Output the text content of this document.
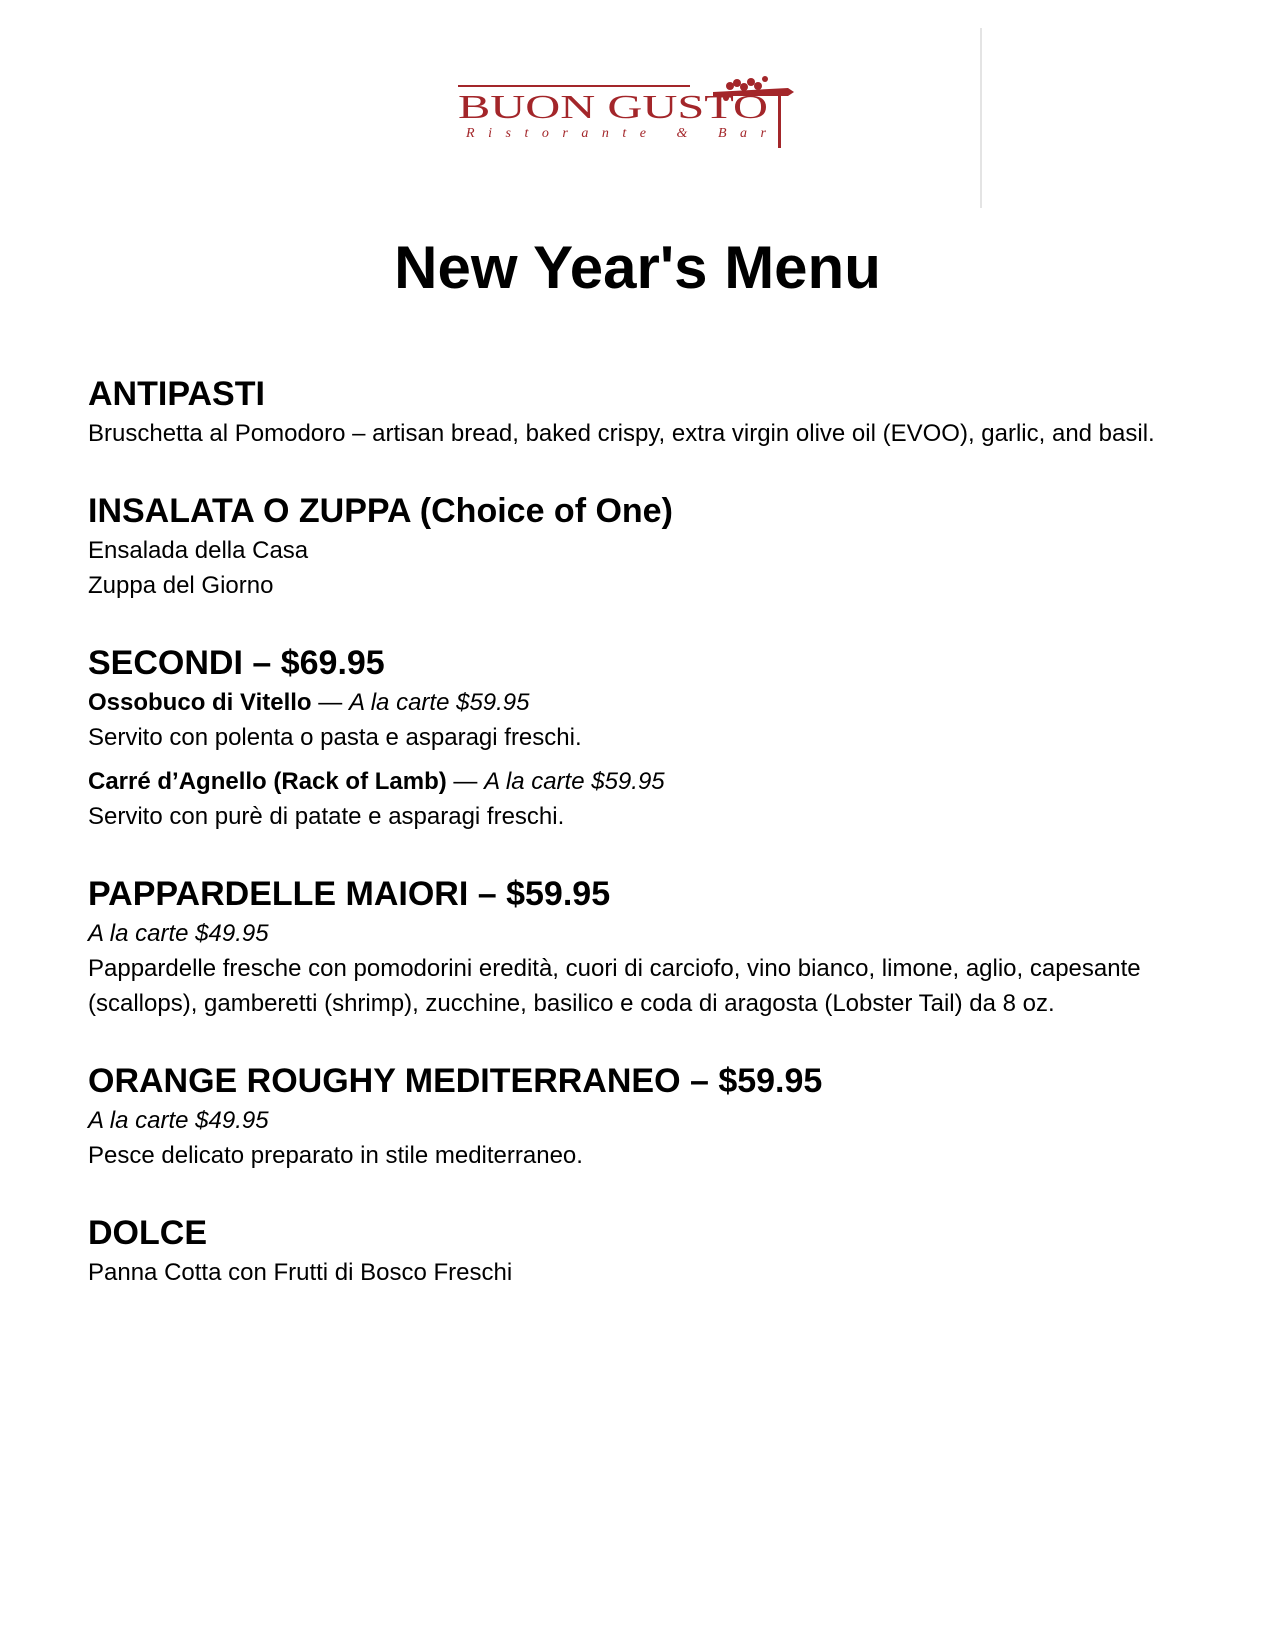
BUON GUSTO
Ristorante & Bar
New Year's Menu
ANTIPASTI
Bruschetta al Pomodoro – artisan bread, baked crispy, extra virgin olive oil (EVOO), garlic, and basil.
INSALATA O ZUPPA (Choice of One)
Ensalada della Casa
Zuppa del Giorno
SECONDI – $69.95
Ossobuco di Vitello — A la carte $59.95
Servito con polenta o pasta e asparagi freschi.
Carré d’Agnello (Rack of Lamb) — A la carte $59.95
Servito con purè di patate e asparagi freschi.
PAPPARDELLE MAIORI – $59.95
A la carte $49.95
Pappardelle fresche con pomodorini eredità, cuori di carciofo, vino bianco, limone, aglio, capesante (scallops), gamberetti (shrimp), zucchine, basilico e coda di aragosta (Lobster Tail) da 8 oz.
ORANGE ROUGHY MEDITERRANEO – $59.95
A la carte $49.95
Pesce delicato preparato in stile mediterraneo.
DOLCE
Panna Cotta con Frutti di Bosco Freschi
